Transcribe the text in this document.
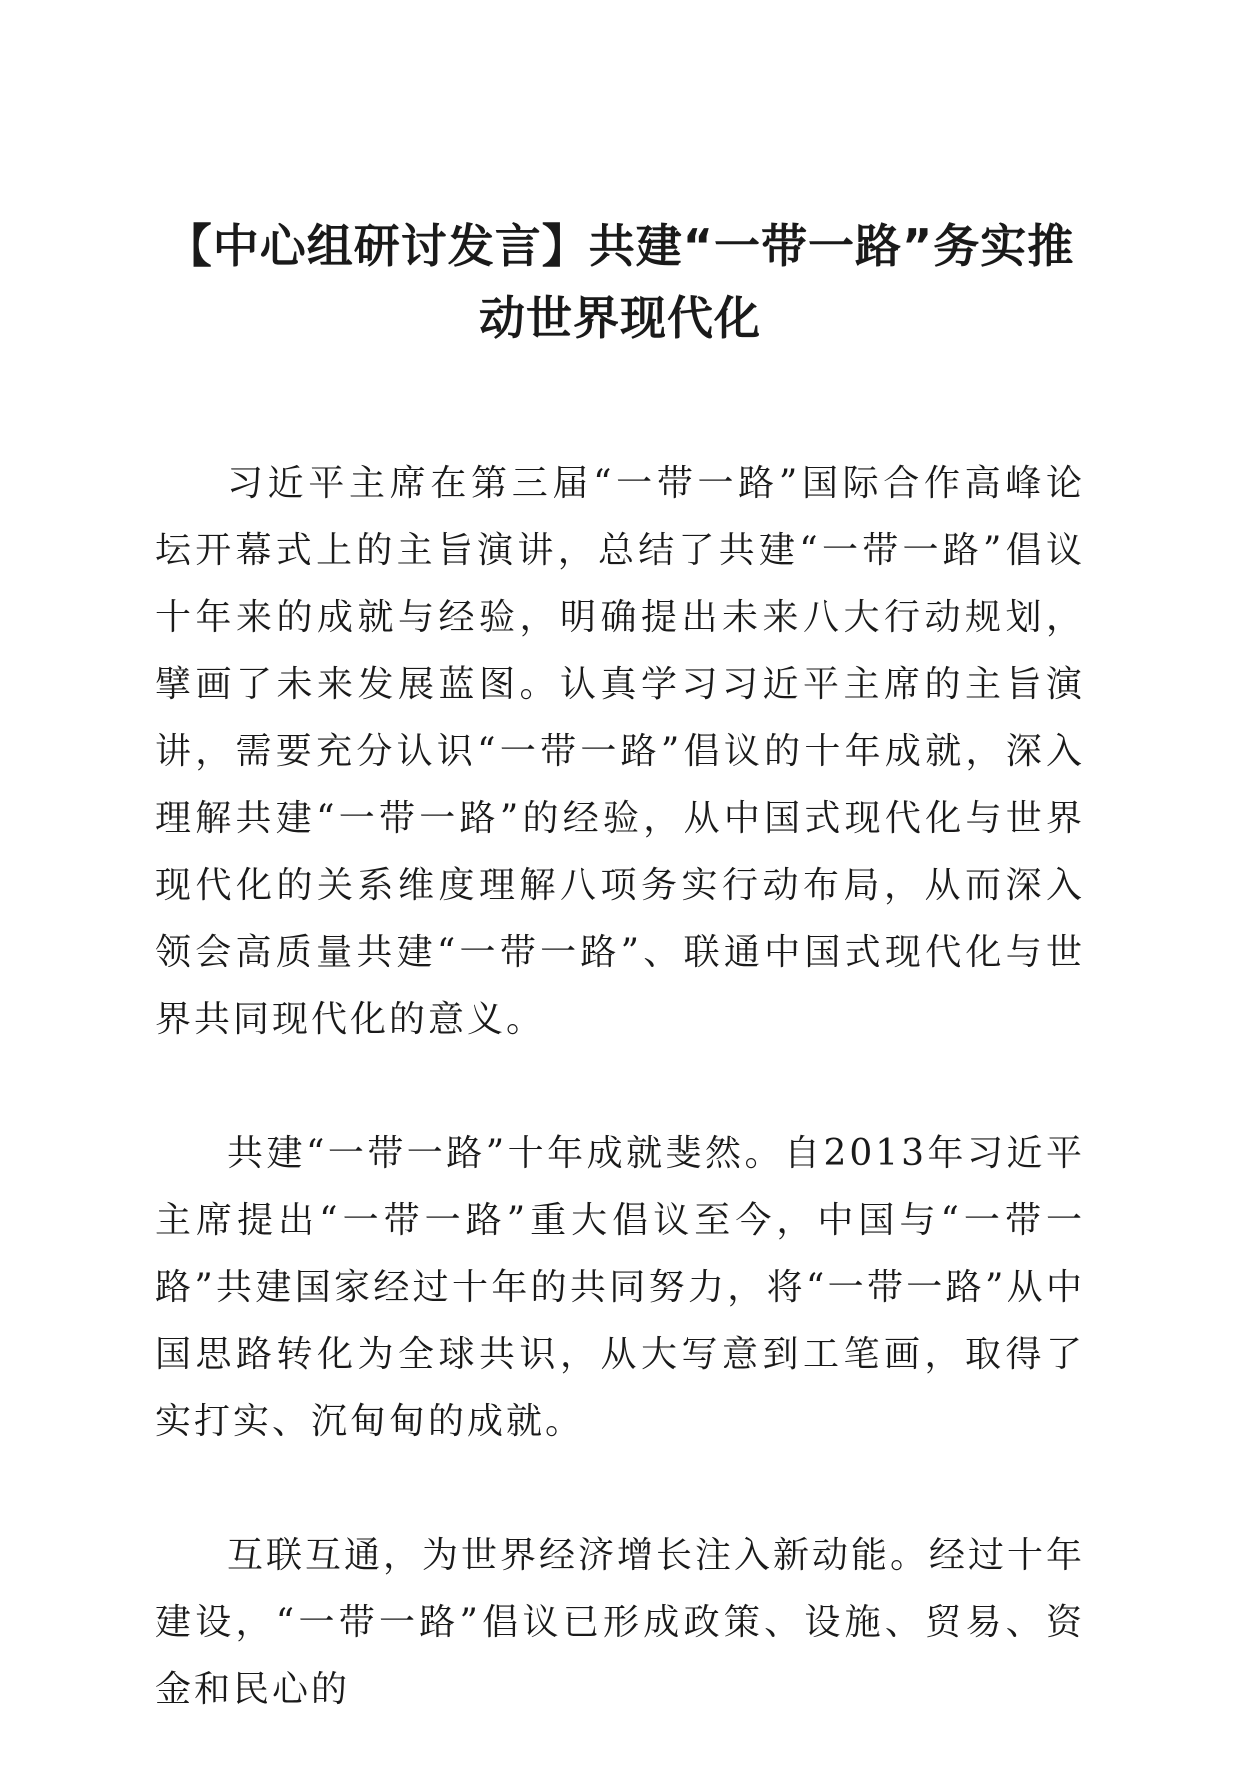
【中心组研讨发言】共建“一带一路”务实推动世界现代化

习近平主席在第三届“一带一路”国际合作高峰论坛开幕式上的主旨演讲，总结了共建“一带一路”倡议十年来的成就与经验，明确提出未来八大行动规划，擘画了未来发展蓝图。认真学习习近平主席的主旨演讲，需要充分认识“一带一路”倡议的十年成就，深入理解共建“一带一路”的经验，从中国式现代化与世界现代化的关系维度理解八项务实行动布局，从而深入领会高质量共建“一带一路”、联通中国式现代化与世界共同现代化的意义。

共建“一带一路”十年成就斐然。自2013年习近平主席提出“一带一路”重大倡议至今，中国与“一带一路”共建国家经过十年的共同努力，将“一带一路”从中国思路转化为全球共识，从大写意到工笔画，取得了实打实、沉甸甸的成就。

互联互通，为世界经济增长注入新动能。经过十年建设，“一带一路”倡议已形成政策、设施、贸易、资金和民心的
